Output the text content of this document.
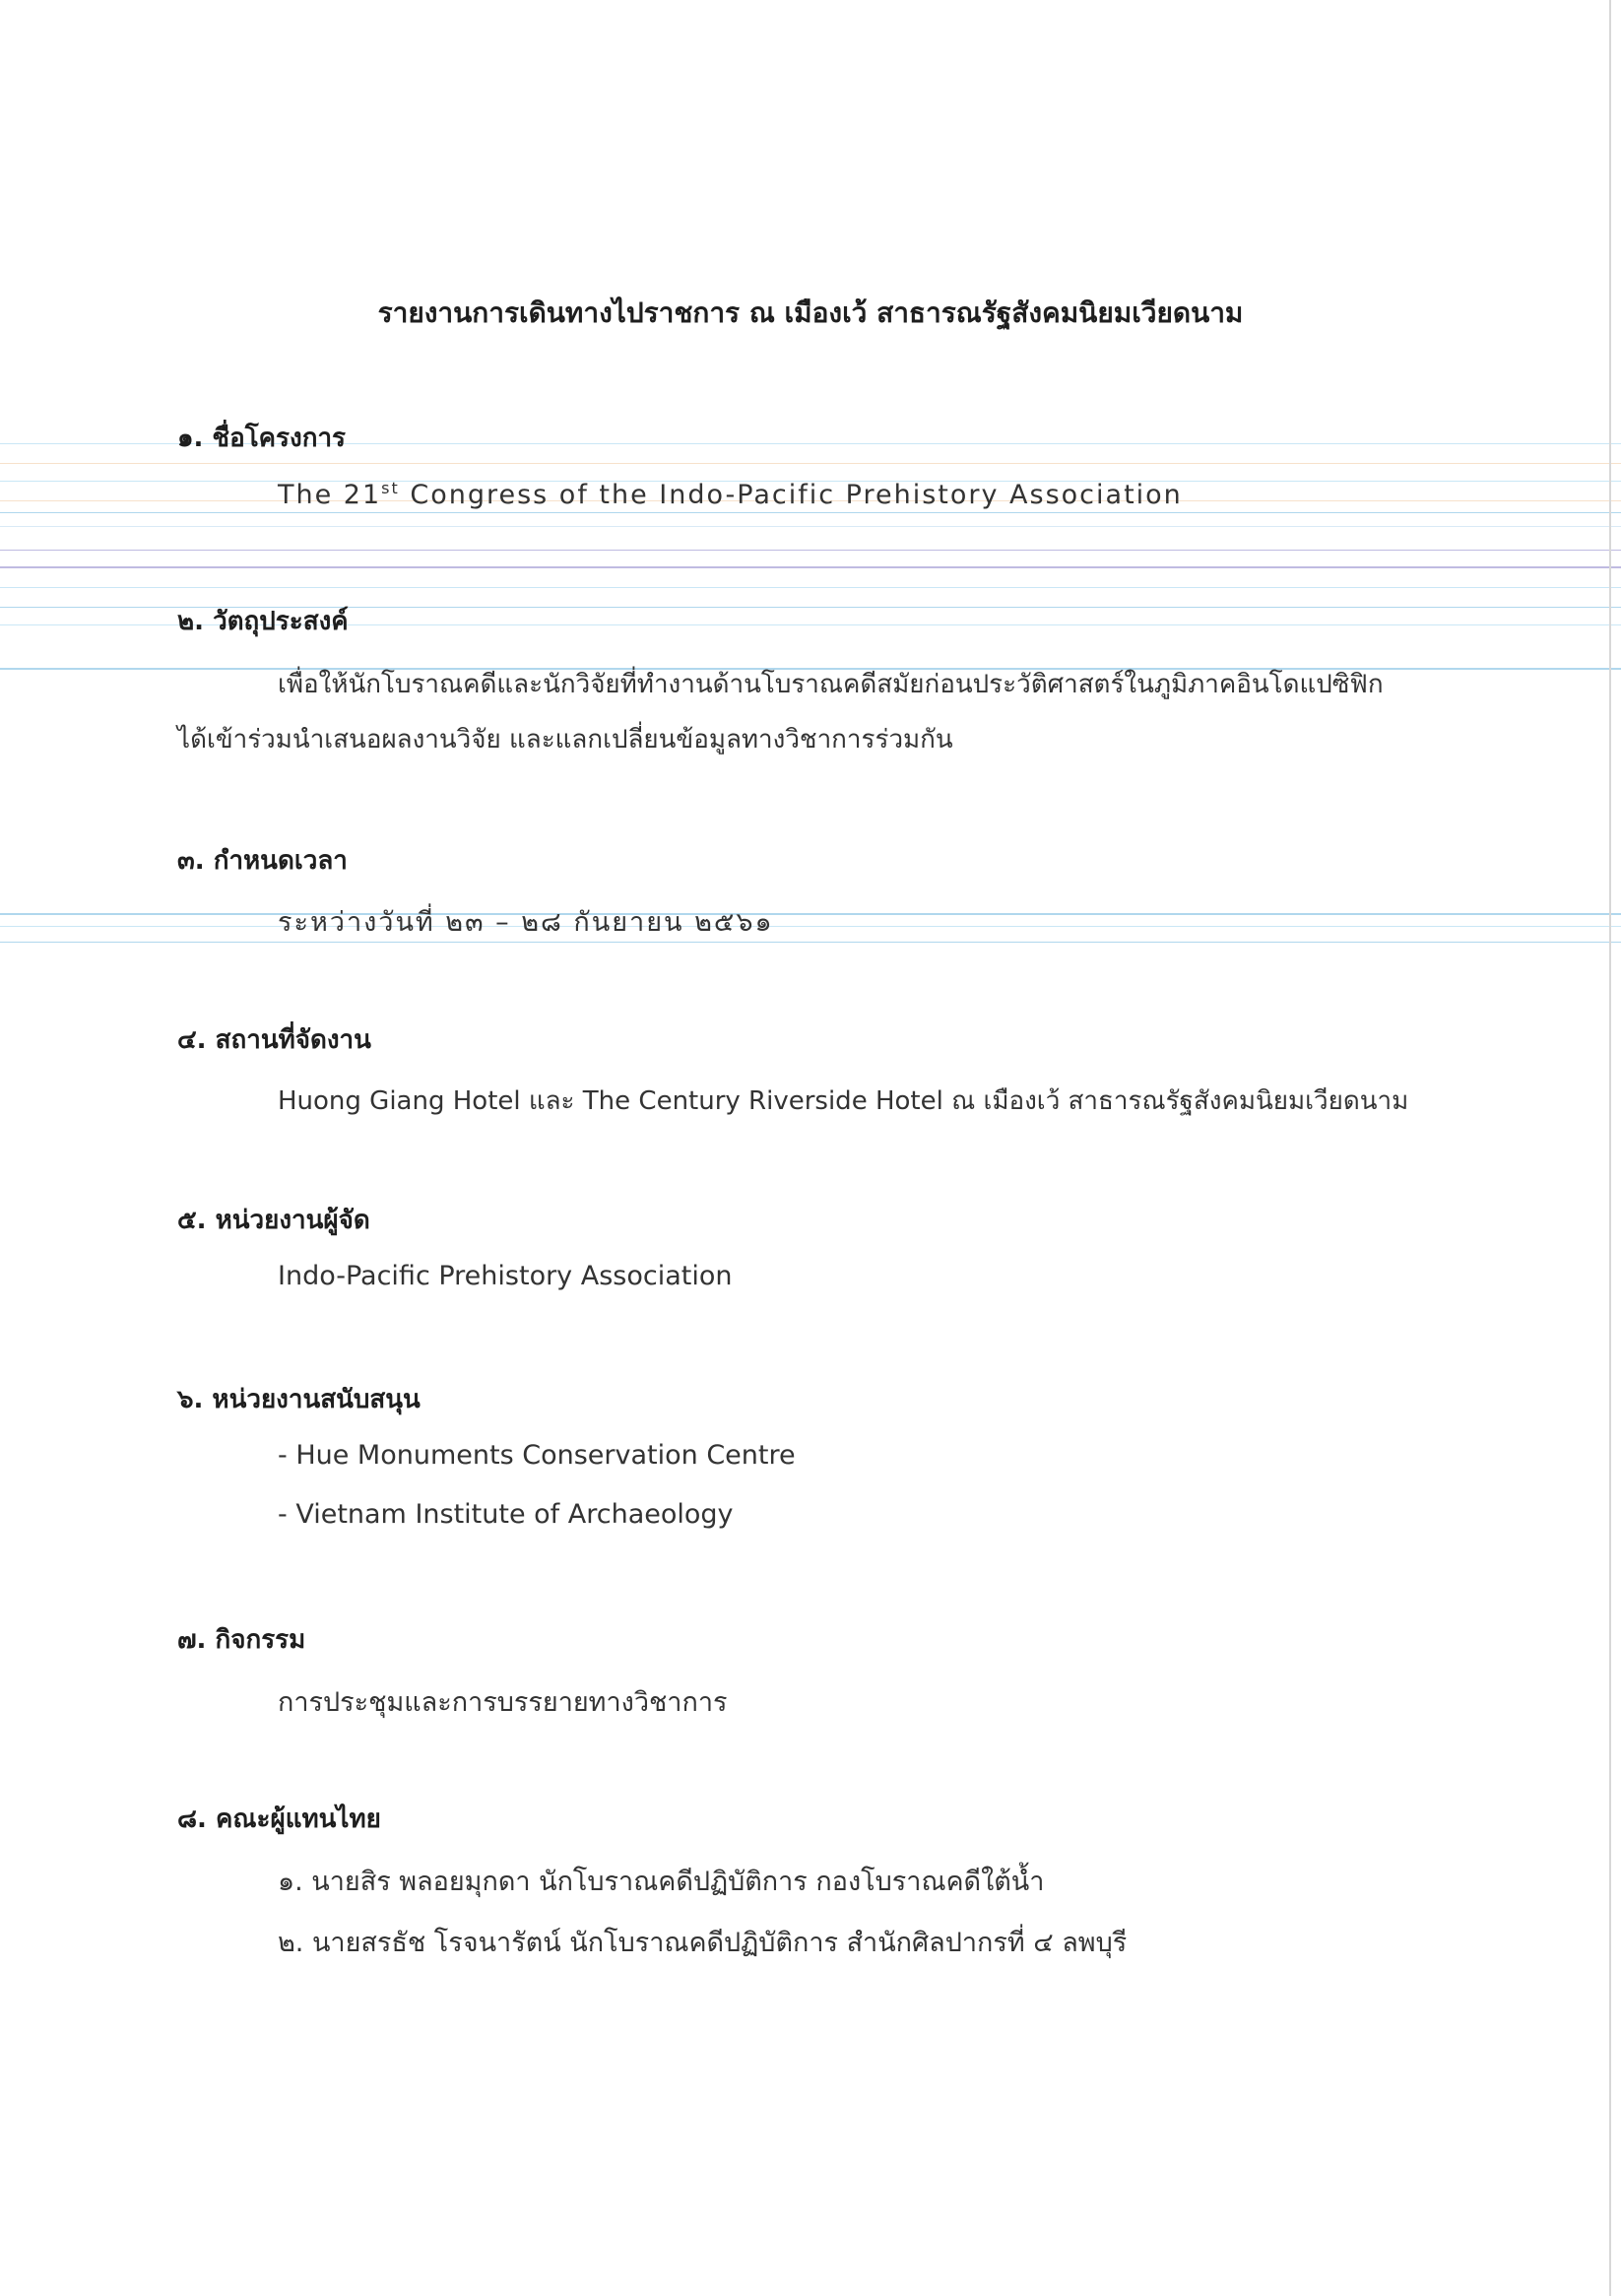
รายงานการเดินทางไปราชการ ณ เมืองเว้ สาธารณรัฐสังคมนิยมเวียดนาม
๑. ชื่อโครงการ
The 21st Congress of the Indo-Pacific Prehistory Association
๒. วัตถุประสงค์
เพื่อให้นักโบราณคดีและนักวิจัยที่ทำงานด้านโบราณคดีสมัยก่อนประวัติศาสตร์ในภูมิภาคอินโดแปซิฟิก
ได้เข้าร่วมนำเสนอผลงานวิจัย และแลกเปลี่ยนข้อมูลทางวิชาการร่วมกัน
๓. กำหนดเวลา
ระหว่างวันที่ ๒๓ – ๒๘ กันยายน ๒๕๖๑
๔. สถานที่จัดงาน
Huong Giang Hotel และ The Century Riverside Hotel ณ เมืองเว้ สาธารณรัฐสังคมนิยมเวียดนาม
๕. หน่วยงานผู้จัด
Indo-Pacific Prehistory Association
๖. หน่วยงานสนับสนุน
- Hue Monuments Conservation Centre
- Vietnam Institute of Archaeology
๗. กิจกรรม
การประชุมและการบรรยายทางวิชาการ
๘. คณะผู้แทนไทย
๑. นายสิร พลอยมุกดา นักโบราณคดีปฏิบัติการ กองโบราณคดีใต้น้ำ
๒. นายสรธัช โรจนารัตน์ นักโบราณคดีปฏิบัติการ สำนักศิลปากรที่ ๔ ลพบุรี
